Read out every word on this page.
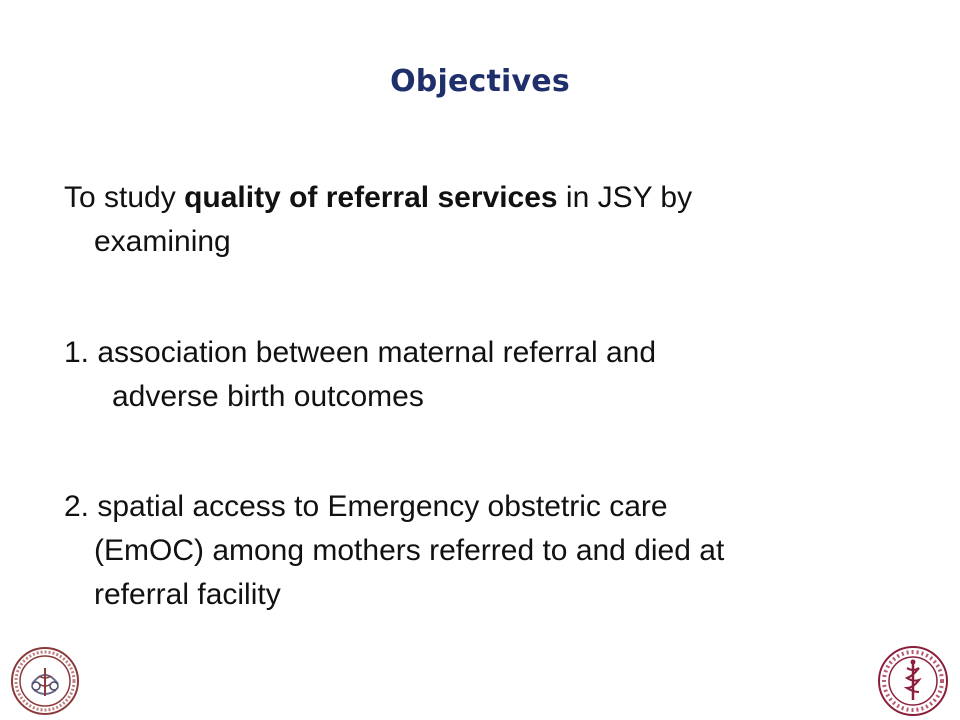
Objectives
To study quality of referral services in JSY by
examining
1. association between maternal referral and
adverse birth outcomes
2. spatial access to Emergency obstetric care
(EmOC) among mothers referred to and died at
referral facility
